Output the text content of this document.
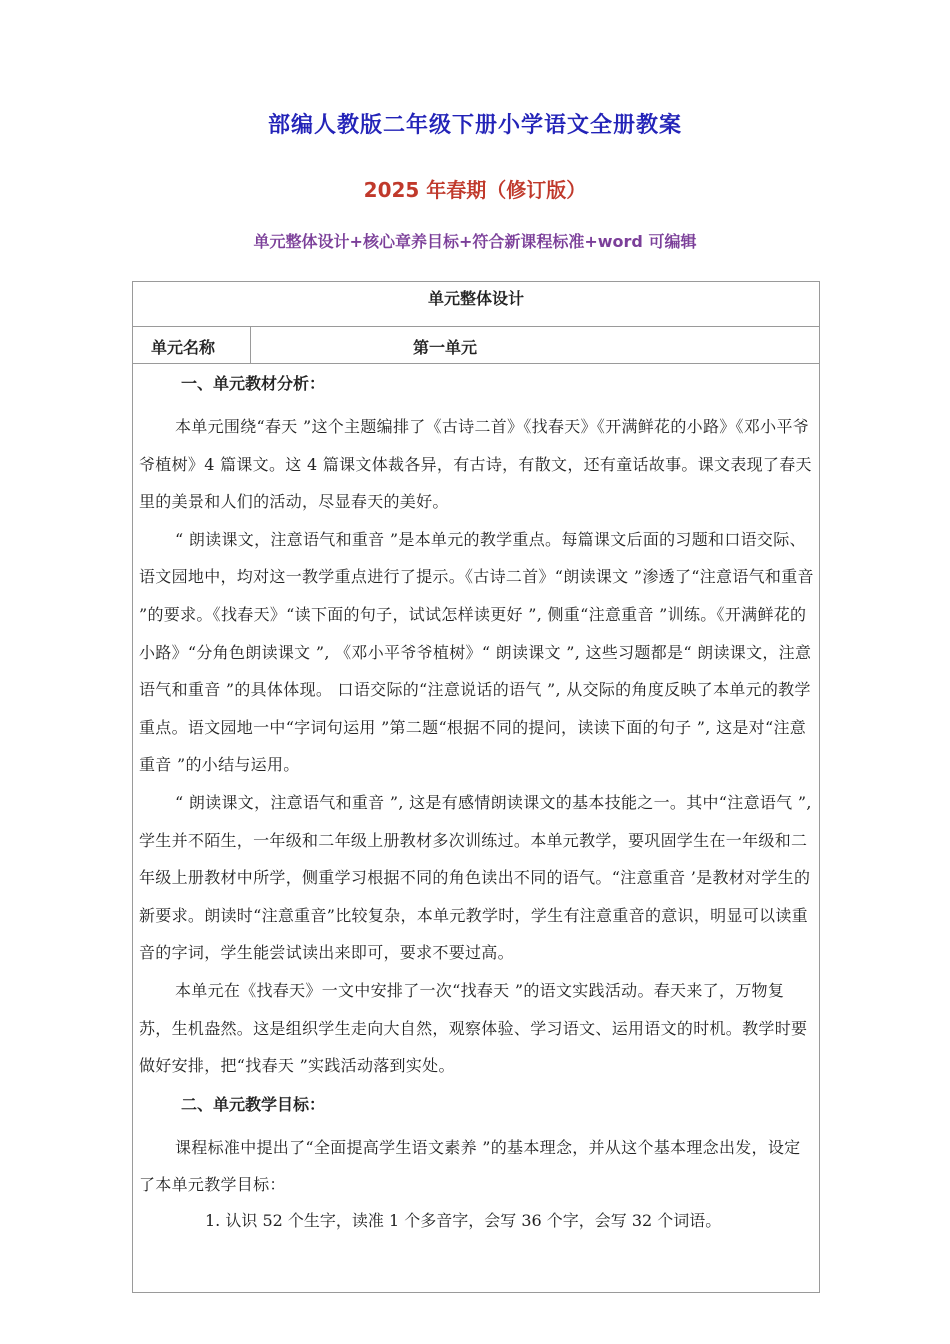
部编人教版二年级下册小学语文全册教案
2025 年春期（修订版）
单元整体设计+核心章养目标+符合新课程标准+word 可编辑
单元整体设计
单元名称	第一单元
一、单元教材分析：

本单元围绕“春天 ”这个主题编排了《古诗二首》《找春天》《开满鲜花的小路》《邓小平爷爷植树》4 篇课文。这 4 篇课文体裁各异，有古诗，有散文，还有童话故事。课文表现了春天里的美景和人们的活动，尽显春天的美好。

“ 朗读课文，注意语气和重音 ”是本单元的教学重点。每篇课文后面的习题和口语交际、语文园地中，均对这一教学重点进行了提示。《古诗二首》“朗读课文 ”渗透了“注意语气和重音 ”的要求。《找春天》“读下面的句子，试试怎样读更好 ”, 侧重“注意重音 ”训练。《开满鲜花的小路》“分角色朗读课文 ”, 《邓小平爷爷植树》“ 朗读课文 ”, 这些习题都是“ 朗读课文，注意语气和重音 ”的具体体现。 口语交际的“注意说话的语气 ”, 从交际的角度反映了本单元的教学重点。语文园地一中“字词句运用 ”第二题“根据不同的提问，读读下面的句子 ”, 这是对“注意重音 ”的小结与运用。

“ 朗读课文，注意语气和重音 ”, 这是有感情朗读课文的基本技能之一。其中“注意语气 ”, 学生并不陌生，一年级和二年级上册教材多次训练过。本单元教学，要巩固学生在一年级和二年级上册教材中所学，侧重学习根据不同的角色读出不同的语气。“注意重音 ’是教材对学生的新要求。朗读时“注意重音”比较复杂，本单元教学时，学生有注意重音的意识，明显可以读重音的字词，学生能尝试读出来即可，要求不要过高。

本单元在《找春天》一文中安排了一次“找春天 ”的语文实践活动。春天来了，万物复苏，生机盎然。这是组织学生走向大自然，观察体验、学习语文、运用语文的时机。教学时要做好安排，把“找春天 ”实践活动落到实处。

二、单元教学目标：

课程标准中提出了“全面提高学生语文素养 ”的基本理念，并从这个基本理念出发，设定了本单元教学目标：

1. 认识 52 个生字，读准 1 个多音字，会写 36 个字，会写 32 个词语。
